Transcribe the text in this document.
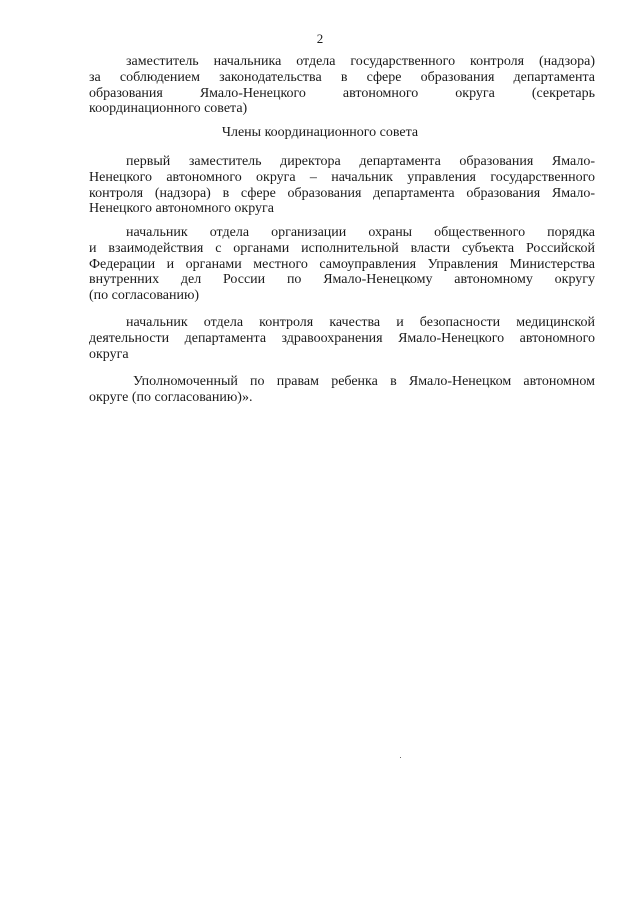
2

заместитель начальника отдела государственного контроля (надзора)
за соблюдением законодательства в сфере образования департамента
образования Ямало-Ненецкого автономного округа (секретарь
координационного совета)

Члены координационного совета

первый заместитель директора департамента образования Ямало-
Ненецкого автономного округа – начальник управления государственного
контроля (надзора) в сфере образования департамента образования Ямало-
Ненецкого автономного округа

начальник отдела организации охраны общественного порядка
и взаимодействия с органами исполнительной власти субъекта Российской
Федерации и органами местного самоуправления Управления Министерства
внутренних дел России по Ямало-Ненецкому автономному округу
(по согласованию)

начальник отдела контроля качества и безопасности медицинской
деятельности департамента здравоохранения Ямало-Ненецкого автономного
округа

Уполномоченный по правам ребенка в Ямало-Ненецком автономном
округе (по согласованию)».
